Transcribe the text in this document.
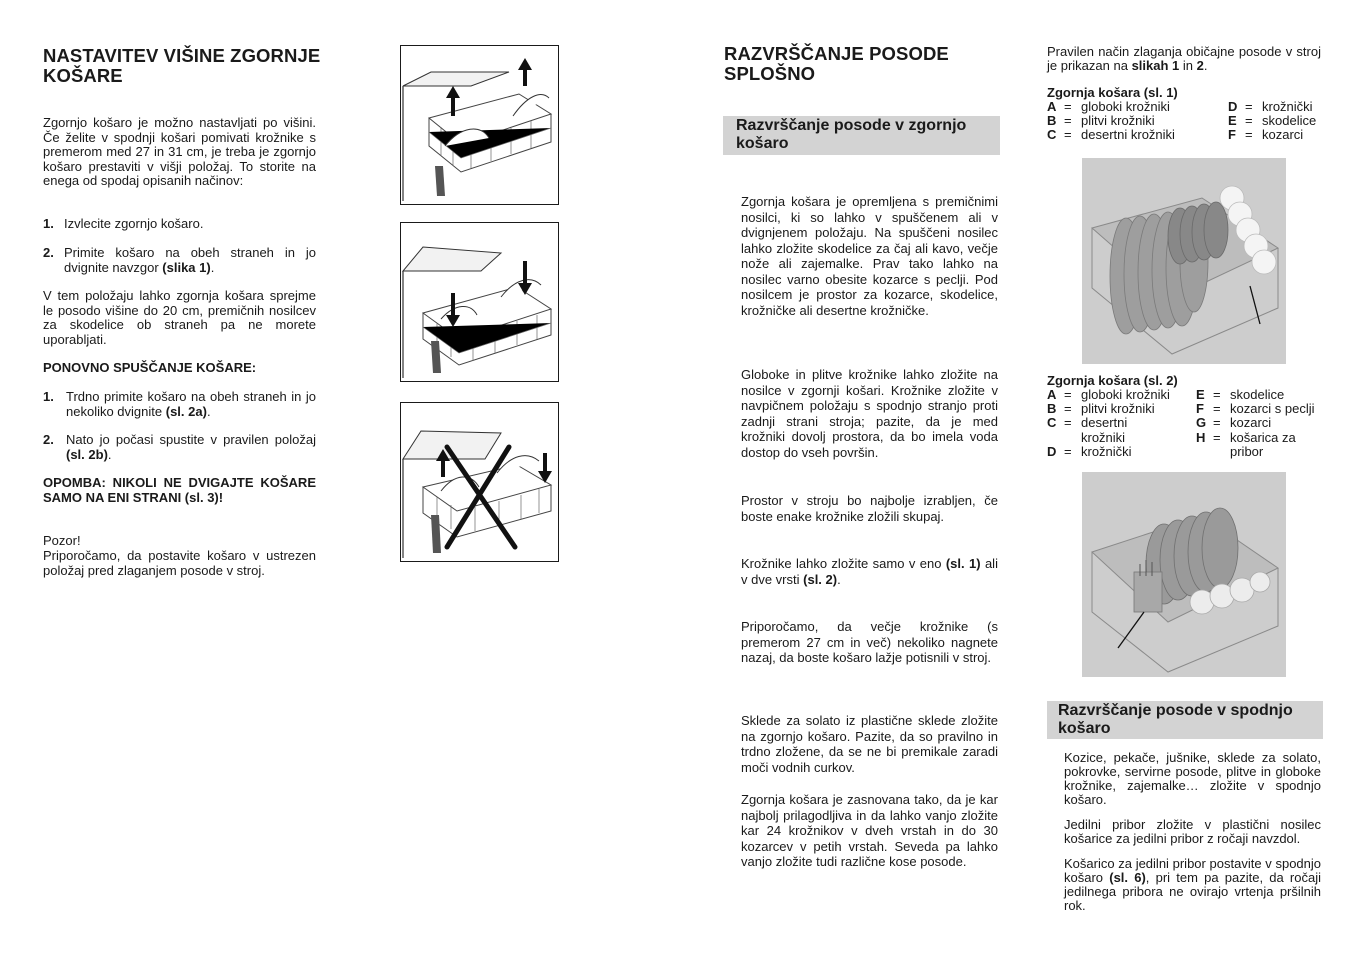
NASTAVITEV VIŠINE ZGORNJE
KOŠARE

Zgornjo košaro je možno nastavljati po višini. Če želite v spodnji košari pomivati krožnike s premerom med 27 in 31 cm, je treba je zgornjo košaro prestaviti v višji položaj. To storite na enega od spodaj opisanih načinov:

1. Izvlecite zgornjo košaro.
2. Primite košaro na obeh straneh in jo dvignite navzgor (slika 1).

V tem položaju lahko zgornja košara sprejme le posodo višine do 20 cm, premičnih nosilcev za skodelice ob straneh pa ne morete uporabljati.

PONOVNO SPUŠČANJE KOŠARE:
1. Trdno primite košaro na obeh straneh in jo nekoliko dvignite (sl. 2a).
2. Nato jo počasi spustite v pravilen položaj (sl. 2b).

OPOMBA: NIKOLI NE DVIGAJTE KOŠARE SAMO NA ENI STRANI (sl. 3)!

Pozor!

Priporočamo, da postavite košaro v ustrezen položaj pred zlaganjem posode v stroj.

RAZVRŠČANJE POSODE
SPLOŠNO
Razvrščanje posode v zgornjo
košaro

Zgornja košara je opremljena s premičnimi nosilci, ki so lahko v spuščenem ali v dvignjenem položaju. Na spuščeni nosilec lahko zložite skodelice za čaj ali kavo, večje nože ali zajemalke. Prav tako lahko na nosilec varno obesite kozarce s peclji. Pod nosilcem je prostor za kozarce, skodelice, krožničke ali desertne krožničke.

Globoke in plitve krožnike lahko zložite na nosilce v zgornji košari. Krožnike zložite v navpičnem položaju s spodnjo stranjo proti zadnji strani stroja; pazite, da je med krožniki dovolj prostora, da bo imela voda dostop do vseh površin.

Prostor v stroju bo najbolje izrabljen, če boste enake krožnike zložili skupaj.

Krožnike lahko zložite samo v eno (sl. 1) ali v dve vrsti (sl. 2).

Priporočamo, da večje krožnike (s premerom 27 cm in več) nekoliko nagnete nazaj, da boste košaro lažje potisnili v stroj.

Sklede za solato iz plastične sklede zložite na zgornjo košaro. Pazite, da so pravilno in trdno zložene, da se ne bi premikale zaradi moči vodnih curkov.

Zgornja košara je zasnovana tako, da je kar najbolj prilagodljiva in da lahko vanjo zložite kar 24 krožnikov v dveh vrstah in do 30 kozarcev v petih vrstah. Seveda pa lahko vanjo zložite tudi različne kose posode.

Pravilen način zlaganja običajne posode v stroj je prikazan na slikah 1 in 2.

Zgornja košara (sl. 1)
A = globoki krožniki
B = plitvi krožniki
C = desertni krožniki
D = krožnički
E = skodelice
F = kozarci
Zgornja košara (sl. 2)
A = globoki krožniki
B = plitvi krožniki
C = desertni
krožniki
D = krožnički
E = skodelice
F = kozarci s peclji
G = kozarci
H = košarica za
pribor
Razvrščanje posode v spodnjo
košaro

Kozice, pekače, jušnike, sklede za solato, pokrovke, servirne posode, plitve in globoke krožnike, zajemalke… zložite v spodnjo košaro.

Jedilni pribor zložite v plastični nosilec košarice za jedilni pribor z ročaji navzdol.

Košarico za jedilni pribor postavite v spodnjo košaro (sl. 6), pri tem pa pazite, da ročaji jedilnega pribora ne ovirajo vrtenja pršilnih rok.
